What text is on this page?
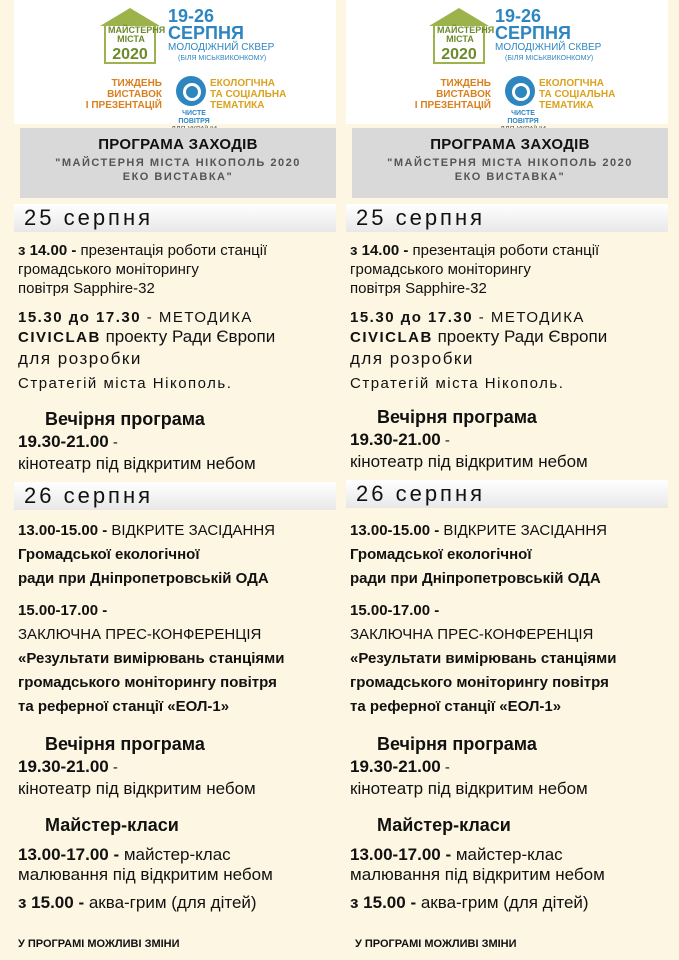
МАЙСТЕРНЯ МІСТА
2020
19-26
СЕРПНЯ
МОЛОДІЖНИЙ СКВЕР
(БІЛЯ МІСЬКВИКОНКОМУ)
ТИЖДЕНЬ
ВИСТАВОК
І ПРЕЗЕНТАЦІЙ
ЕКОЛОГІЧНА
ТА СОЦІАЛЬНА
ТЕМАТИКА
ЧИСТЕ ПОВІТРЯ

ПРОГРАМА ЗАХОДІВ
"МАЙСТЕРНЯ МІСТА НІКОПОЛЬ 2020
ЕКО ВИСТАВКА"
25 серпня
з 14.00 - презентація роботи станції
громадського моніторингу
повітря Sapphire-32
15.30 до 17.30 - МЕТОДИКА
CIVICLAB проекту Ради Європи
для розробки
Стратегій міста Нікополь.
Вечірня програма
19.30-21.00 -
кінотеатр під відкритим небом
26 серпня
13.00-15.00 - ВІДКРИТЕ ЗАСІДАННЯ
Громадської екологічної
ради при Дніпропетровській ОДА
15.00-17.00 -
ЗАКЛЮЧНА ПРЕС-КОНФЕРЕНЦІЯ
«Результати вимірювань станціями
громадського моніторингу повітря
та реферної станції «ЕОЛ-1»
Вечірня програма
19.30-21.00 -
кінотеатр під відкритим небом
Майстер-класи
13.00-17.00 - майстер-клас
малювання під відкритим небом
з 15.00 - аква-грим (для дітей)
У ПРОГРАМІ МОЖЛИВІ ЗМІНИ
МАЙСТЕРНЯ МІСТА
2020
19-26
СЕРПНЯ
МОЛОДІЖНИЙ СКВЕР
(БІЛЯ МІСЬКВИКОНКОМУ)
ТИЖДЕНЬ
ВИСТАВОК
І ПРЕЗЕНТАЦІЙ
ЕКОЛОГІЧНА
ТА СОЦІАЛЬНА
ТЕМАТИКА
ЧИСТЕ ПОВІТРЯ

ПРОГРАМА ЗАХОДІВ
"МАЙСТЕРНЯ МІСТА НІКОПОЛЬ 2020
ЕКО ВИСТАВКА"
25 серпня
з 14.00 - презентація роботи станції
громадського моніторингу
повітря Sapphire-32
15.30 до 17.30 - МЕТОДИКА
CIVICLAB проекту Ради Європи
для розробки
Стратегій міста Нікополь.
Вечірня програма
19.30-21.00 -
кінотеатр під відкритим небом
26 серпня
13.00-15.00 - ВІДКРИТЕ ЗАСІДАННЯ
Громадської екологічної
ради при Дніпропетровській ОДА
15.00-17.00 -
ЗАКЛЮЧНА ПРЕС-КОНФЕРЕНЦІЯ
«Результати вимірювань станціями
громадського моніторингу повітря
та реферної станції «ЕОЛ-1»
Вечірня програма
19.30-21.00 -
кінотеатр під відкритим небом
Майстер-класи
13.00-17.00 - майстер-клас
малювання під відкритим небом
з 15.00 - аква-грим (для дітей)
У ПРОГРАМІ МОЖЛИВІ ЗМІНИ
